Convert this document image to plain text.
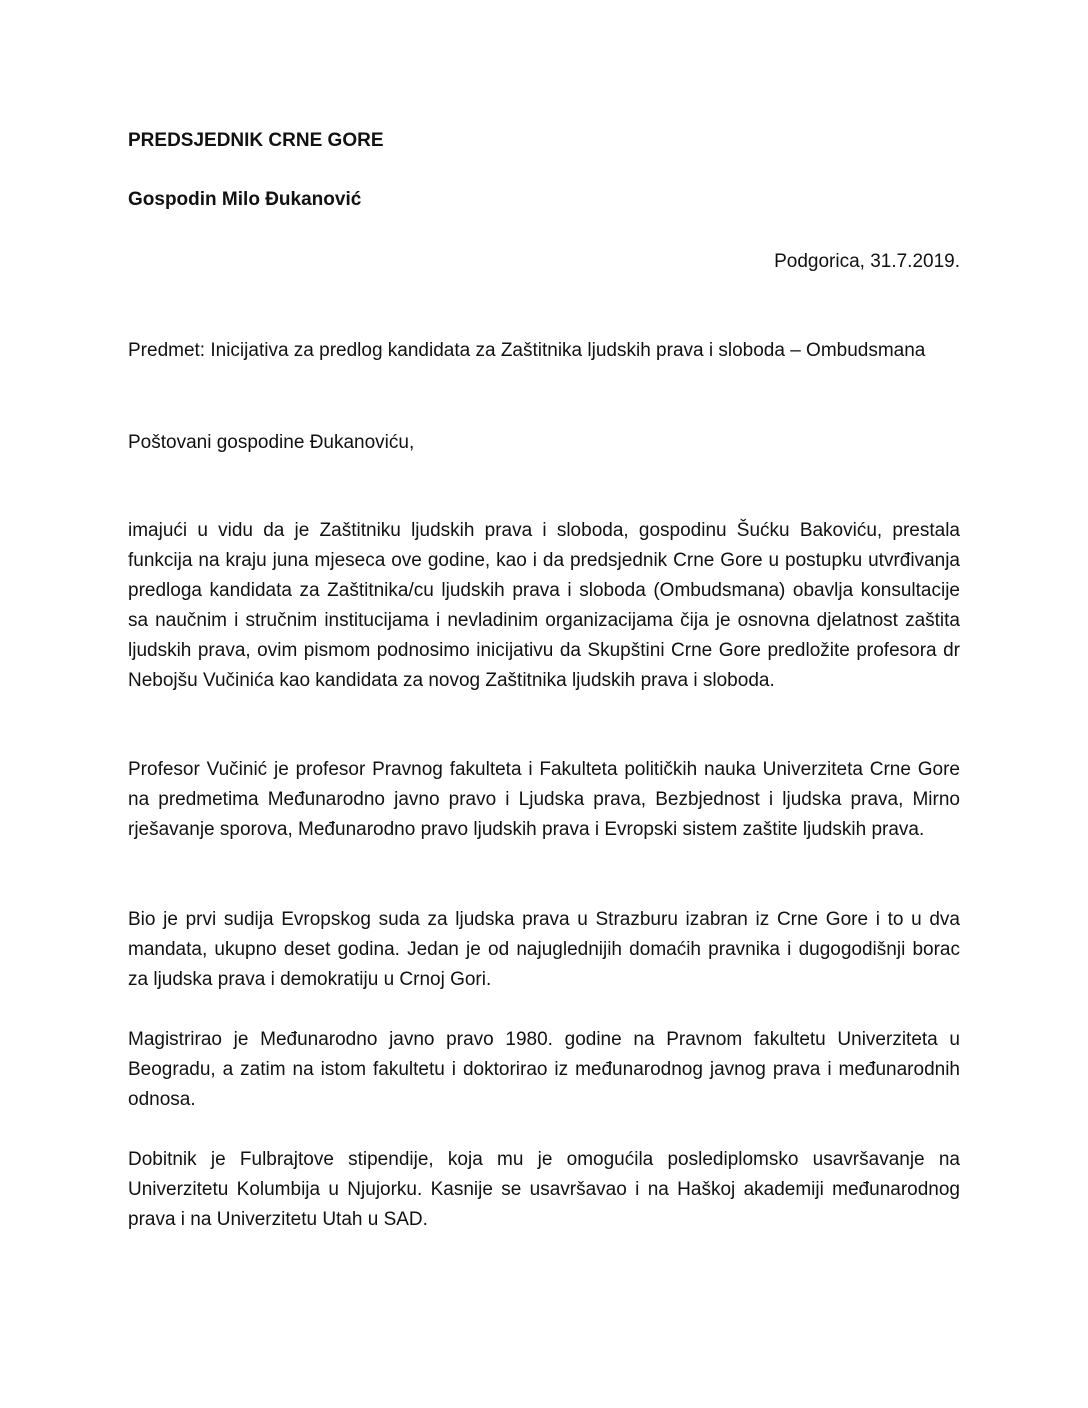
PREDSJEDNIK CRNE GORE

Gospodin Milo Đukanović

Podgorica, 31.7.2019.

Predmet: Inicijativa za predlog kandidata za Zaštitnika ljudskih prava i sloboda – Ombudsmana

Poštovani gospodine Đukanoviću,

imajući u vidu da je Zaštitniku ljudskih prava i sloboda, gospodinu Šućku Bakoviću, prestala funkcija na kraju juna mjeseca ove godine, kao i da predsjednik Crne Gore u postupku utvrđivanja predloga kandidata za Zaštitnika/cu ljudskih prava i sloboda (Ombudsmana) obavlja konsultacije sa naučnim i stručnim institucijama i nevladinim organizacijama čija je osnovna djelatnost zaštita ljudskih prava, ovim pismom podnosimo inicijativu da Skupštini Crne Gore predložite profesora dr Nebojšu Vučinića kao kandidata za novog Zaštitnika ljudskih prava i sloboda.

Profesor Vučinić je profesor Pravnog fakulteta i Fakulteta političkih nauka Univerziteta Crne Gore na predmetima Međunarodno javno pravo i Ljudska prava, Bezbjednost i ljudska prava, Mirno rješavanje sporova, Međunarodno pravo ljudskih prava i Evropski sistem zaštite ljudskih prava.

Bio je prvi sudija Evropskog suda za ljudska prava u Strazburu izabran iz Crne Gore i to u dva mandata, ukupno deset godina. Jedan je od najuglednijih domaćih pravnika i dugogodišnji borac za ljudska prava i demokratiju u Crnoj Gori.

Magistrirao je Međunarodno javno pravo 1980. godine na Pravnom fakultetu Univerziteta u Beogradu, a zatim na istom fakultetu i doktorirao iz međunarodnog javnog prava i međunarodnih odnosa.

Dobitnik je Fulbrajtove stipendije, koja mu je omogućila poslediplomsko usavršavanje na Univerzitetu Kolumbija u Njujorku. Kasnije se usavršavao i na Haškoj akademiji međunarodnog prava i na Univerzitetu Utah u SAD.
